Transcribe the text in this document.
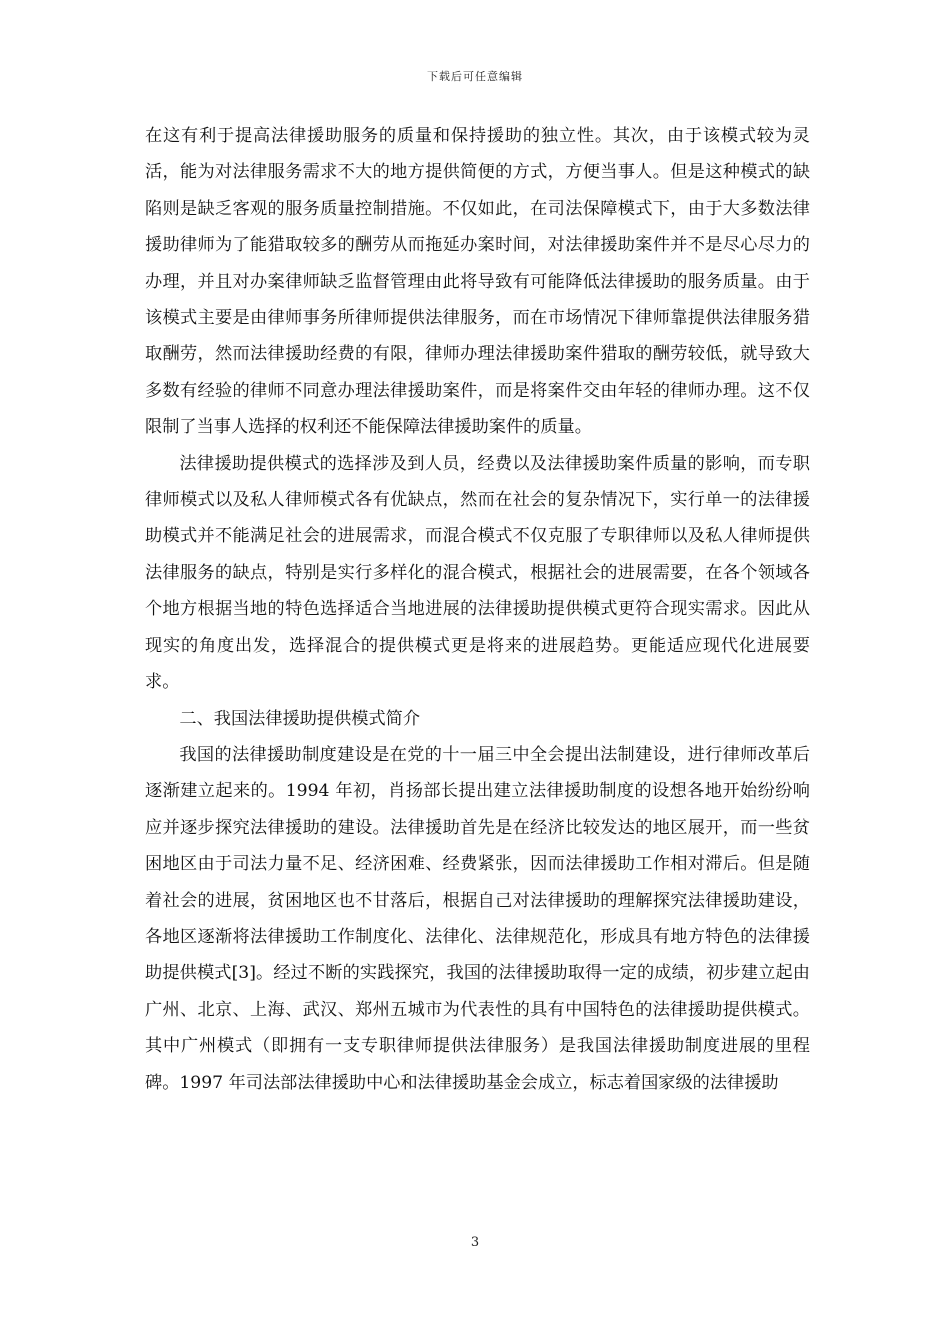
下载后可任意编辑

在这有利于提高法律援助服务的质量和保持援助的独立性。其次，由于该模式较为灵活，能为对法律服务需求不大的地方提供简便的方式，方便当事人。但是这种模式的缺陷则是缺乏客观的服务质量控制措施。不仅如此，在司法保障模式下，由于大多数法律援助律师为了能猎取较多的酬劳从而拖延办案时间，对法律援助案件并不是尽心尽力的办理，并且对办案律师缺乏监督管理由此将导致有可能降低法律援助的服务质量。由于该模式主要是由律师事务所律师提供法律服务，而在市场情况下律师靠提供法律服务猎取酬劳，然而法律援助经费的有限，律师办理法律援助案件猎取的酬劳较低，就导致大多数有经验的律师不同意办理法律援助案件，而是将案件交由年轻的律师办理。这不仅限制了当事人选择的权利还不能保障法律援助案件的质量。

法律援助提供模式的选择涉及到人员，经费以及法律援助案件质量的影响，而专职律师模式以及私人律师模式各有优缺点，然而在社会的复杂情况下，实行单一的法律援助模式并不能满足社会的进展需求，而混合模式不仅克服了专职律师以及私人律师提供法律服务的缺点，特别是实行多样化的混合模式，根据社会的进展需要，在各个领域各个地方根据当地的特色选择适合当地进展的法律援助提供模式更符合现实需求。因此从现实的角度出发，选择混合的提供模式更是将来的进展趋势。更能适应现代化进展要求。

二、我国法律援助提供模式简介

我国的法律援助制度建设是在党的十一届三中全会提出法制建设，进行律师改革后逐渐建立起来的。1994 年初，肖扬部长提出建立法律援助制度的设想各地开始纷纷响应并逐步探究法律援助的建设。法律援助首先是在经济比较发达的地区展开，而一些贫困地区由于司法力量不足、经济困难、经费紧张，因而法律援助工作相对滞后。但是随着社会的进展，贫困地区也不甘落后，根据自己对法律援助的理解探究法律援助建设，各地区逐渐将法律援助工作制度化、法律化、法律规范化，形成具有地方特色的法律援助提供模式[3]。经过不断的实践探究，我国的法律援助取得一定的成绩，初步建立起由广州、北京、上海、武汉、郑州五城市为代表性的具有中国特色的法律援助提供模式。其中广州模式（即拥有一支专职律师提供法律服务）是我国法律援助制度进展的里程碑。1997 年司法部法律援助中心和法律援助基金会成立，标志着国家级的法律援助

3
